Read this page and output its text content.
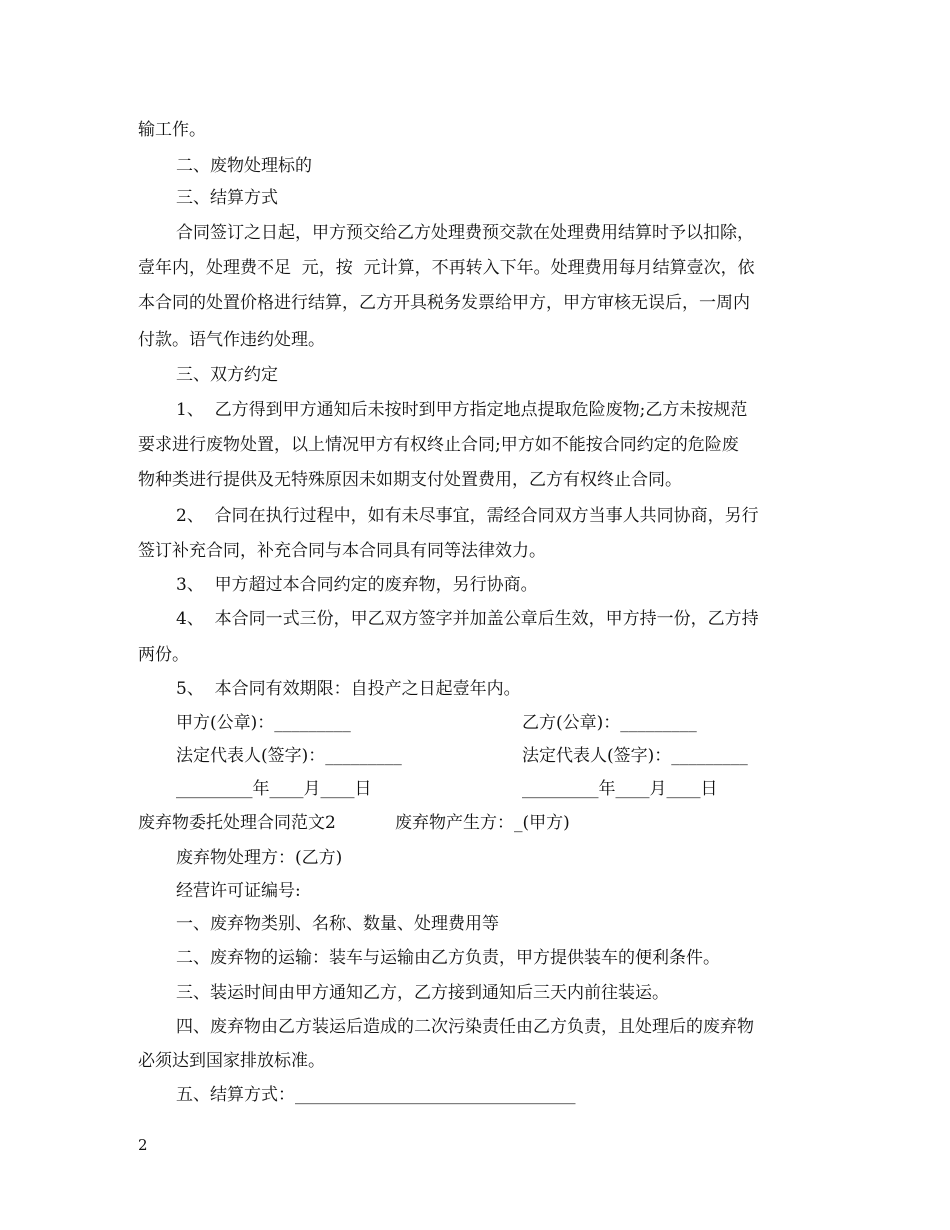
输工作。
二、废物处理标的
三、结算方式
合同签订之日起，甲方预交给乙方处理费预交款在处理费用结算时予以扣除，
壹年内，处理费不足  元，按  元计算，不再转入下年。处理费用每月结算壹次，依
本合同的处置价格进行结算，乙方开具税务发票给甲方，甲方审核无误后，一周内
付款。语气作违约处理。
三、双方约定
1、  乙方得到甲方通知后未按时到甲方指定地点提取危险废物;乙方未按规范
要求进行废物处置，以上情况甲方有权终止合同;甲方如不能按合同约定的危险废
物种类进行提供及无特殊原因未如期支付处置费用，乙方有权终止合同。
2、  合同在执行过程中，如有未尽事宜，需经合同双方当事人共同协商，另行
签订补充合同，补充合同与本合同具有同等法律效力。
3、  甲方超过本合同约定的废弃物，另行协商。
4、  本合同一式三份，甲乙双方签字并加盖公章后生效，甲方持一份，乙方持
两份。
5、  本合同有效期限：自投产之日起壹年内。
甲方(公章)：_________	乙方(公章)：_________
法定代表人(签字)：_________	法定代表人(签字)：_________
_________年____月____日	_________年____月____日
废弃物委托处理合同范文2	废弃物产生方：_(甲方)
废弃物处理方：(乙方)
经营许可证编号:
一、废弃物类别、名称、数量、处理费用等
二、废弃物的运输：装车与运输由乙方负责，甲方提供装车的便利条件。
三、装运时间由甲方通知乙方，乙方接到通知后三天内前往装运。
四、废弃物由乙方装运后造成的二次污染责任由乙方负责，且处理后的废弃物
必须达到国家排放标准。
五、结算方式：_________________________________
2
